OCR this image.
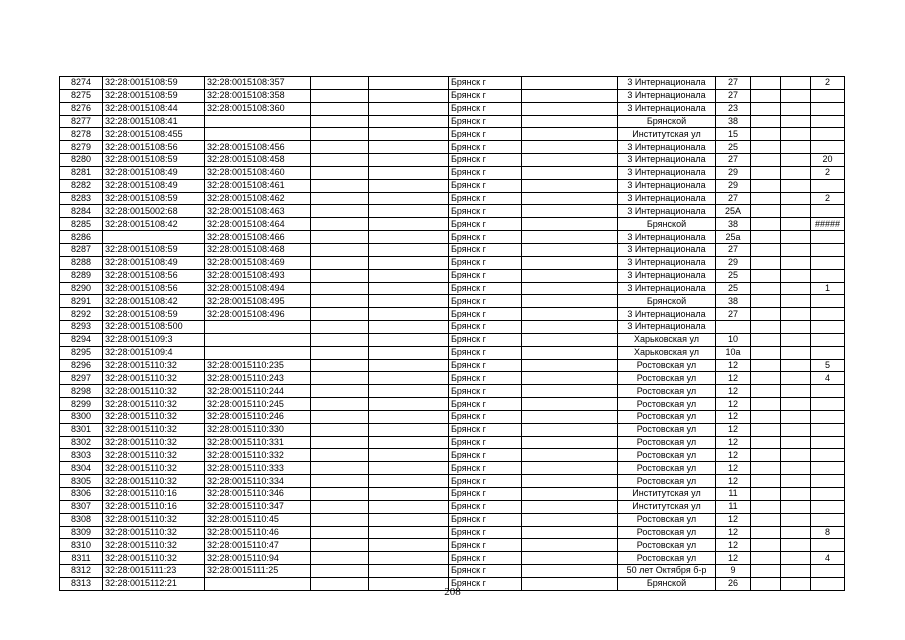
8274	32:28:0015108:59	32:28:0015108:357			Брянск г		3 Интернационала	27			2
8275	32:28:0015108:59	32:28:0015108:358			Брянск г		3 Интернационала	27			
8276	32:28:0015108:44	32:28:0015108:360			Брянск г		3 Интернационала	23			
8277	32:28:0015108:41				Брянск г		Брянской	38			
8278	32:28:0015108:455				Брянск г		Институтская ул	15			
8279	32:28:0015108:56	32:28:0015108:456			Брянск г		3 Интернационала	25			
8280	32:28:0015108:59	32:28:0015108:458			Брянск г		3 Интернационала	27			20
8281	32:28:0015108:49	32:28:0015108:460			Брянск г		3 Интернационала	29			2
8282	32:28:0015108:49	32:28:0015108:461			Брянск г		3 Интернационала	29			
8283	32:28:0015108:59	32:28:0015108:462			Брянск г		3 Интернационала	27			2
8284	32:28:0015002:68	32:28:0015108:463			Брянск г		3 Интернационала	25А			
8285	32:28:0015108:42	32:28:0015108:464			Брянск г		Брянской	38			#####
8286		32:28:0015108:466			Брянск г		3 Интернационала	25а			
8287	32:28:0015108:59	32:28:0015108:468			Брянск г		3 Интернационала	27			
8288	32:28:0015108:49	32:28:0015108:469			Брянск г		3 Интернационала	29			
8289	32:28:0015108:56	32:28:0015108:493			Брянск г		3 Интернационала	25			
8290	32:28:0015108:56	32:28:0015108:494			Брянск г		3 Интернационала	25			1
8291	32:28:0015108:42	32:28:0015108:495			Брянск г		Брянской	38			
8292	32:28:0015108:59	32:28:0015108:496			Брянск г		3 Интернационала	27			
8293	32:28:0015108:500				Брянск г		3 Интернационала				
8294	32:28:0015109:3				Брянск г		Харьковская ул	10			
8295	32:28:0015109:4				Брянск г		Харьковская ул	10а			
8296	32:28:0015110:32	32:28:0015110:235			Брянск г		Ростовская ул	12			5
8297	32:28:0015110:32	32:28:0015110:243			Брянск г		Ростовская ул	12			4
8298	32:28:0015110:32	32:28:0015110:244			Брянск г		Ростовская ул	12			
8299	32:28:0015110:32	32:28:0015110:245			Брянск г		Ростовская ул	12			
8300	32:28:0015110:32	32:28:0015110:246			Брянск г		Ростовская ул	12			
8301	32:28:0015110:32	32:28:0015110:330			Брянск г		Ростовская ул	12			
8302	32:28:0015110:32	32:28:0015110:331			Брянск г		Ростовская ул	12			
8303	32:28:0015110:32	32:28:0015110:332			Брянск г		Ростовская ул	12			
8304	32:28:0015110:32	32:28:0015110:333			Брянск г		Ростовская ул	12			
8305	32:28:0015110:32	32:28:0015110:334			Брянск г		Ростовская ул	12			
8306	32:28:0015110:16	32:28:0015110:346			Брянск г		Институтская ул	11			
8307	32:28:0015110:16	32:28:0015110:347			Брянск г		Институтская ул	11			
8308	32:28:0015110:32	32:28:0015110:45			Брянск г		Ростовская ул	12			
8309	32:28:0015110:32	32:28:0015110:46			Брянск г		Ростовская ул	12			8
8310	32:28:0015110:32	32:28:0015110:47			Брянск г		Ростовская ул	12			
8311	32:28:0015110:32	32:28:0015110:94			Брянск г		Ростовская ул	12			4
8312	32:28:0015111:23	32:28:0015111:25			Брянск г		50 лет Октября б-р	9			
8313	32:28:0015112:21				Брянск г		Брянской	26			
208
